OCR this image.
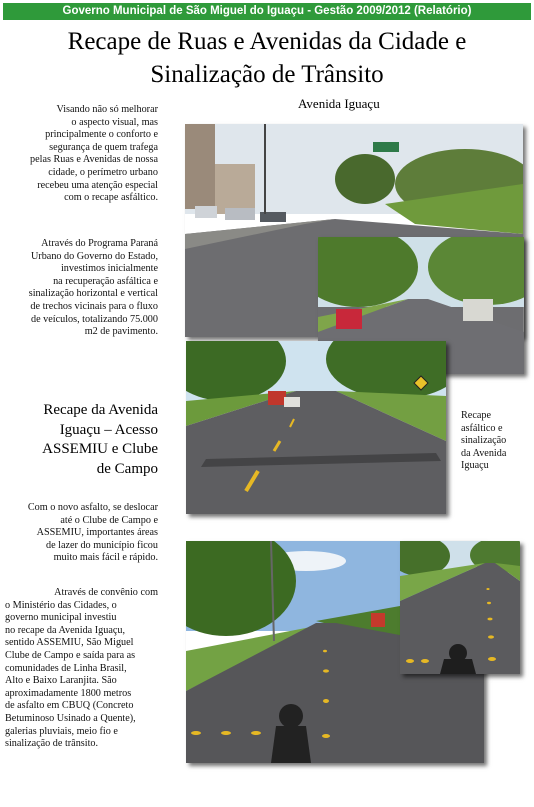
Governo Municipal de São Miguel do Iguaçu - Gestão 2009/2012 (Relatório)
Recape de Ruas e Avenidas da Cidade e
Sinalização de Trânsito
Visando não só melhorar
o aspecto visual, mas
principalmente o conforto e
segurança de quem trafega
pelas Ruas e Avenidas de nossa
cidade, o perímetro urbano
recebeu uma atenção especial
com o recape asfáltico.
Através do Programa Paraná
Urbano do Governo do Estado,
investimos inicialmente
na recuperação asfáltica e
sinalização horizontal e vertical
de trechos vicinais para o fluxo
de veículos, totalizando 75.000
m2 de pavimento.
Avenida Iguaçu
Recape da Avenida
Iguaçu – Acesso
ASSEMIU e Clube
de Campo
Recape
asfáltico e
sinalização
da Avenida
Iguaçu
Com o novo asfalto, se deslocar
até o Clube de Campo e
ASSEMIU, importantes áreas
de lazer do município ficou
muito mais fácil e rápido.
Através de convênio com
o Ministério das Cidades, o
governo municipal investiu
no recape da Avenida Iguaçu,
sentido ASSEMIU, São Miguel
Clube de Campo e saída para as
comunidades de Linha Brasil,
Alto e Baixo Laranjita. São
aproximadamente 1800 metros
de asfalto em CBUQ (Concreto
Betuminoso Usinado a Quente),
galerias pluviais, meio fio e
sinalização de trânsito.
